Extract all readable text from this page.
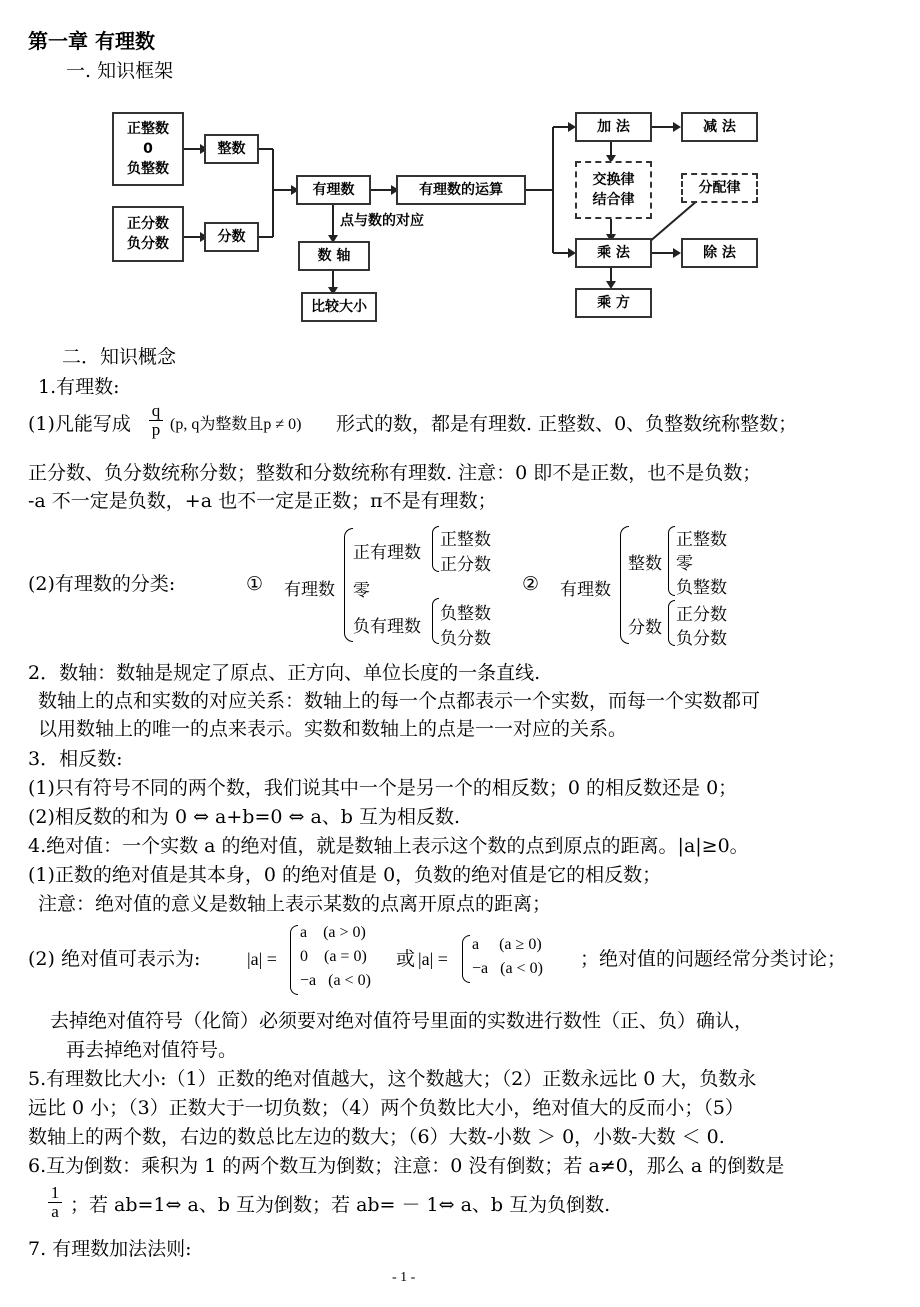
第一章 有理数
一. 知识框架
正整数
0
负整数
整数
正分数
负分数	分数
有理数	有理数的运算
点与数的对应
数 轴
比较大小
加 法	减 法
交换律
结合律
分配律
乘 法	除 法
乘 方
二．知识概念
1.有理数:
(1)凡能写成 $\frac{q}{p} (p$, q为整数且p ≠ 0) 形式的数，都是有理数. 正整数、0、负整数统称整数；
正分数、负分数统称分数；整数和分数统称有理数. 注意：0 即不是正数，也不是负数；
-a 不一定是负数，+a 也不一定是正数；π不是有理数；
(2)有理数的分类:	① 有理数
正有理数
正整数
正分数
零
负有理数
负整数
负分数
② 有理数
整数
正整数
零
负整数
分数
正分数
负分数
2．数轴：数轴是规定了原点、正方向、单位长度的一条直线.
数轴上的点和实数的对应关系：数轴上的每一个点都表示一个实数，而每一个实数都可
以用数轴上的唯一的点来表示。实数和数轴上的点是一一对应的关系。
3．相反数:
(1)只有符号不同的两个数，我们说其中一个是另一个的相反数；0 的相反数还是 0；
(2)相反数的和为 0 ⇔ a+b=0 ⇔ a、b 互为相反数.
4.绝对值：一个实数 a 的绝对值，就是数轴上表示这个数的点到原点的距离。|a|≥0。
(1)正数的绝对值是其本身，0 的绝对值是 0，负数的绝对值是它的相反数；
注意：绝对值的意义是数轴上表示某数的点离开原点的距离；
(2) 绝对值可表示为:	|a| =
a    (a > 0)
0    (a = 0)
−a   (a < 0)
或 |a| =
a     (a ≥ 0)
−a   (a < 0) ；绝对值的问题经常分类讨论；
去掉绝对值符号（化简）必须要对绝对值符号里面的实数进行数性（正、负）确认，
再去掉绝对值符号。
5.有理数比大小:（1）正数的绝对值越大，这个数越大；（2）正数永远比 0 大，负数永
远比 0 小；（3）正数大于一切负数；（4）两个负数比大小，绝对值大的反而小；（5）
数轴上的两个数，右边的数总比左边的数大；（6）大数-小数 ＞ 0，小数-大数 ＜ 0.
6.互为倒数：乘积为 1 的两个数互为倒数；注意：0 没有倒数；若 a≠0，那么 a 的倒数是
$\frac{1}{a}$ ；若 ab=1⇔ a、b 互为倒数；若 ab= － 1⇔ a、b 互为负倒数.
7. 有理数加法法则:
- 1 -
